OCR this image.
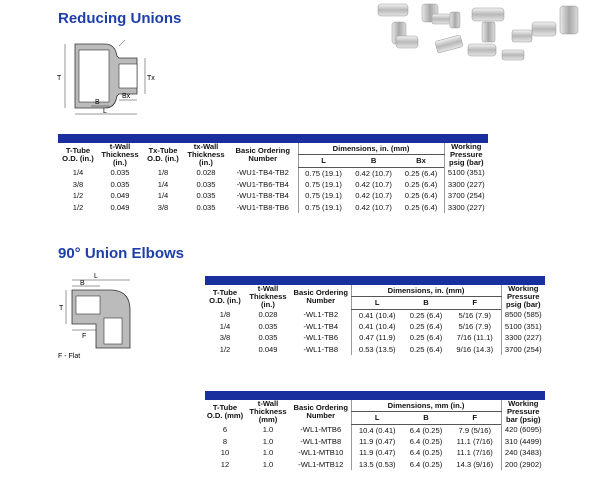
Reducing Unions
T	Tx
Bx
B
L
T-Tube O.D. (in.)	t-Wall Thickness (in.)	Tx-Tube O.D. (in.)	tx-Wall Thickness (in.)	Basic Ordering Number	Dimensions, in. (mm)			Working Pressure psig (bar)
					L	B	Bx	
1/4	0.035	1/8	0.028	-WU1-TB4-TB2	0.75 (19.1)	0.42 (10.7)	0.25 (6.4)	5100 (351)
3/8	0.035	1/4	0.035	-WU1-TB6-TB4	0.75 (19.1)	0.42 (10.7)	0.25 (6.4)	3300 (227)
1/2	0.049	1/4	0.035	-WU1-TB8-TB4	0.75 (19.1)	0.42 (10.7)	0.25 (6.4)	3700 (254)
1/2	0.049	3/8	0.035	-WU1-TB8-TB6	0.75 (19.1)	0.42 (10.7)	0.25 (6.4)	3300 (227)
90° Union Elbows
L
B
T
F
F - Flat
T-Tube O.D. (in.)	t-Wall Thickness (in.)	Basic Ordering Number	Dimensions, in. (mm)			Working Pressure psig (bar)
			L	B	F	
1/8	0.028	-WL1-TB2	0.41 (10.4)	0.25 (6.4)	5/16 (7.9)	8500 (585)
1/4	0.035	-WL1-TB4	0.41 (10.4)	0.25 (6.4)	5/16 (7.9)	5100 (351)
3/8	0.035	-WL1-TB6	0.47 (11.9)	0.25 (6.4)	7/16 (11.1)	3300 (227)
1/2	0.049	-WL1-TB8	0.53 (13.5)	0.25 (6.4)	9/16 (14.3)	3700 (254)
T-Tube O.D. (mm)	t-Wall Thickness (mm)	Basic Ordering Number	Dimensions, mm (in.)			Working Pressure bar (psig)
			L	B	F	
6	1.0	-WL1-MTB6	10.4 (0.41)	6.4 (0.25)	7.9 (5/16)	420 (6095)
8	1.0	-WL1-MTB8	11.9 (0.47)	6.4 (0.25)	11.1 (7/16)	310 (4499)
10	1.0	-WL1-MTB10	11.9 (0.47)	6.4 (0.25)	11.1 (7/16)	240 (3483)
12	1.0	-WL1-MTB12	13.5 (0.53)	6.4 (0.25)	14.3 (9/16)	200 (2902)
